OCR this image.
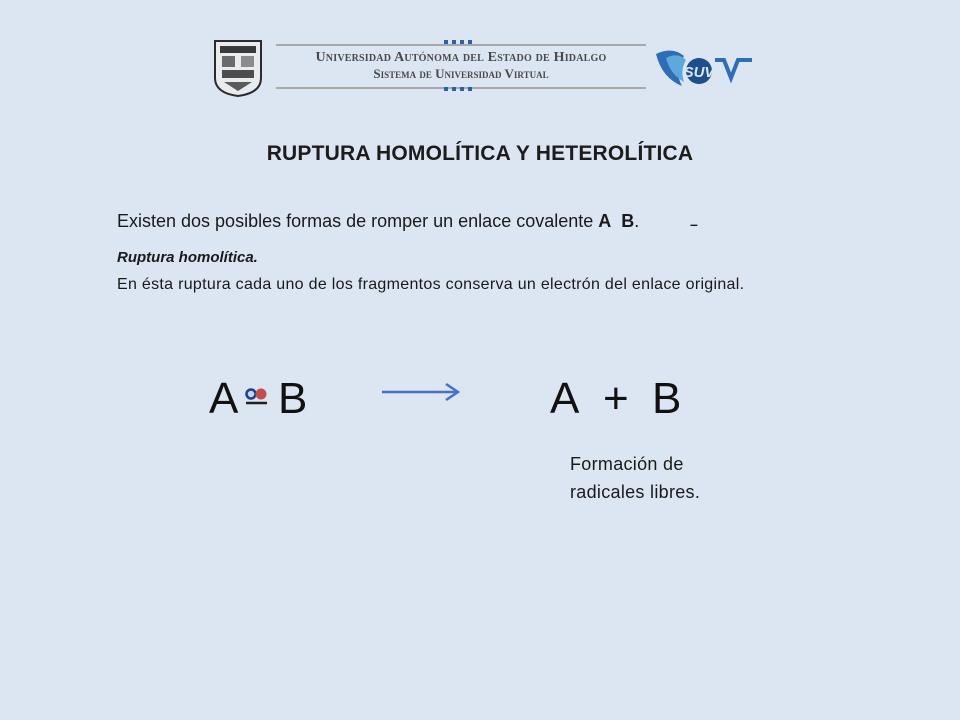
Universidad Autónoma del Estado de Hidalgo
Sistema de Universidad Virtual	SUV
RUPTURA HOMOLÍTICA Y HETEROLÍTICA
Existen dos posibles formas de romper un enlace covalente A B.	–
Ruptura homolítica.
En ésta ruptura cada uno de los fragmentos conserva un electrón del enlace original.
A B	A + B
Formación de radicales libres.
